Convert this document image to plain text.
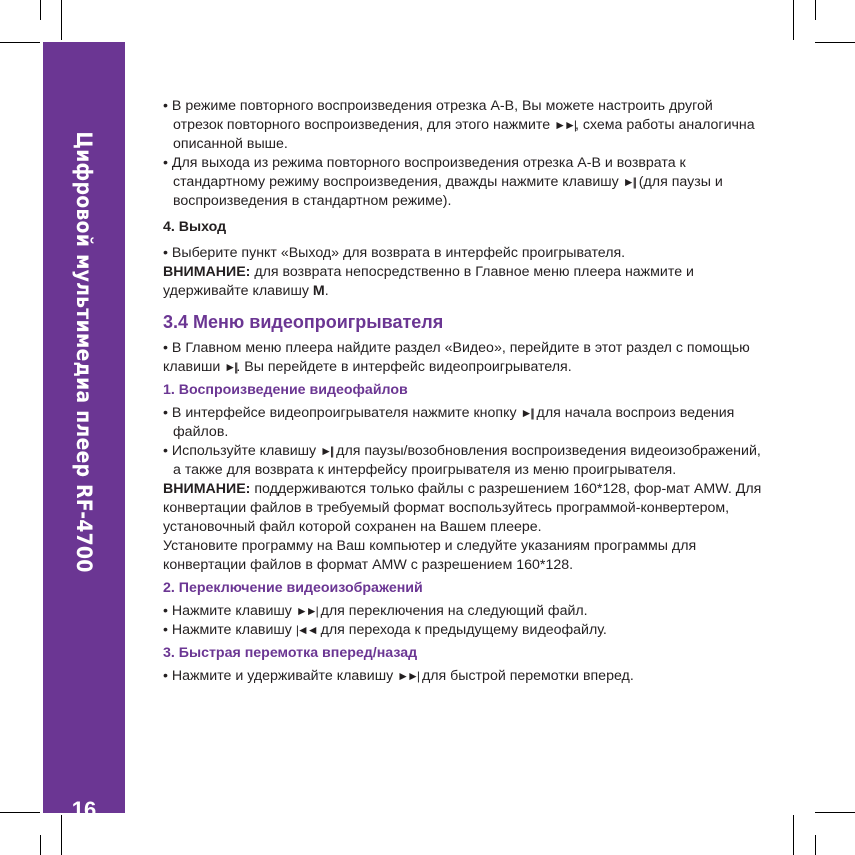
Цифровой мультимедиа плеер RF-4700
16

• В режиме повторного воспроизведения отрезка A-B, Вы можете настроить другой отрезок повторного воспроизведения, для этого нажмите ►►|, схема работы аналогична описанной выше.

• Для выхода из режима повторного воспроизведения отрезка A-B и возврата к стандартному режиму воспроизведения, дважды нажмите клавишу ►|| (для паузы и воспроизведения в стандартном режиме).

4. Выход

• Выберите пункт «Выход» для возврата в интерфейс проигрывателя.

ВНИМАНИЕ: для возврата непосредственно в Главное меню плеера нажмите и удерживайте клавишу M.

3.4 Меню видеопроигрывателя

• В Главном меню плеера найдите раздел «Видео», перейдите в этот раздел с помощью клавиши ►||. Вы перейдете в интерфейс видеопроигрывателя.

1. Воспроизведение видеофайлов

• В интерфейсе видеопроигрывателя нажмите кнопку ►|| для начала воспроиз ведения файлов.

• Используйте клавишу ►|| для паузы/возобновления воспроизведения видеоизображений, а также для возврата к интерфейсу проигрывателя из меню проигрывателя.

ВНИМАНИЕ: поддерживаются только файлы с разрешением 160*128, фор-мат AMW. Для конвертации файлов в требуемый формат воспользуйтесь программой-конвертером, установочный файл которой сохранен на Вашем плеере.

Установите программу на Ваш компьютер и следуйте указаниям программы для конвертации файлов в формат AMW с разрешением 160*128.

2. Переключение видеоизображений

• Нажмите клавишу ►►| для переключения на следующий файл.

• Нажмите клавишу |◄◄ для перехода к предыдущему видеофайлу.

3. Быстрая перемотка вперед/назад

• Нажмите и удерживайте клавишу ►►| для быстрой перемотки вперед.
